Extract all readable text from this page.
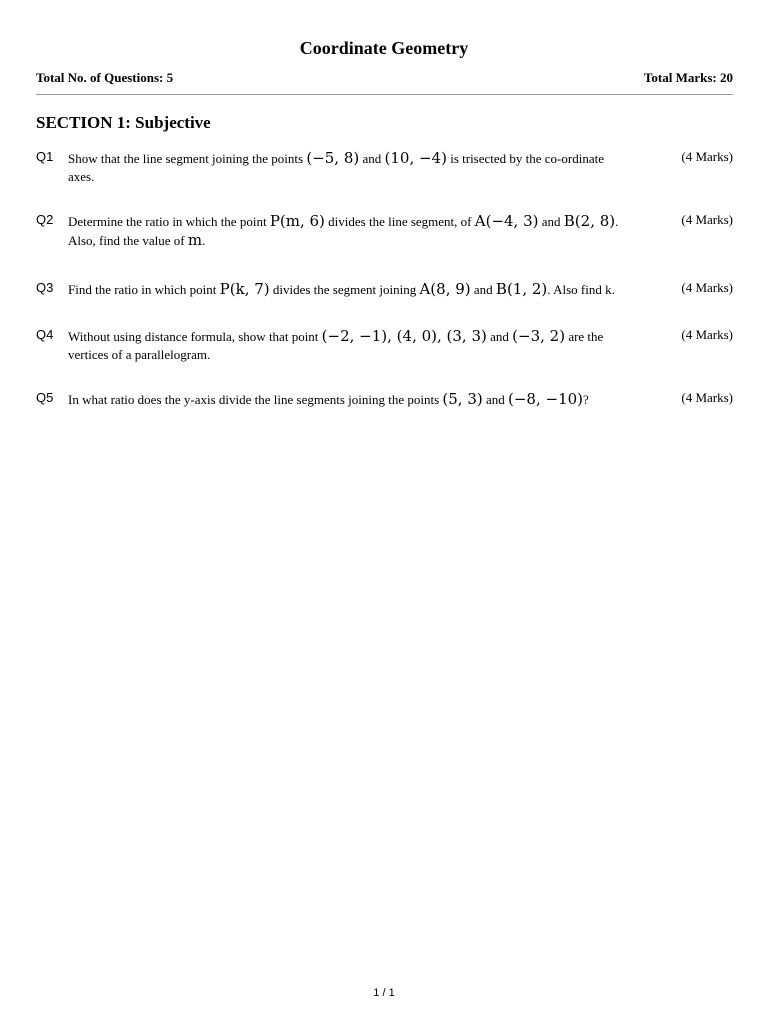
Coordinate Geometry
Total No. of Questions: 5	Total Marks: 20
SECTION 1: Subjective
Q1 Show that the line segment joining the points (−5, 8) and (10, −4) is trisected by the co-ordinate axes.
(4 Marks)
Q2 Determine the ratio in which the point P(m, 6) divides the line segment, of A(−4, 3) and B(2, 8). Also, find the value of m.
(4 Marks)
Q3 Find the ratio in which point P(k, 7) divides the segment joining A(8, 9) and B(1, 2). Also find k.	(4 Marks)
Q4 Without using distance formula, show that point (−2, −1), (4, 0), (3, 3) and (−3, 2) are the vertices of a parallelogram.
(4 Marks)
Q5 In what ratio does the y-axis divide the line segments joining the points (5, 3) and (−8, −10)?	(4 Marks)
1 / 1
